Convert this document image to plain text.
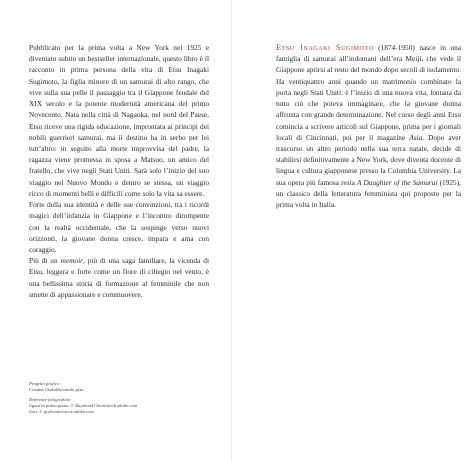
Pubblicato per la prima volta a New York nel 1925 e diventato subito un bestseller internazionale, questo libro è il racconto in prima persona della vita di Etsu Inagaki Sugimoto, la figlia minore di un samurai di alto rango, che vive sulla sua pelle il passaggio tra il Giappone feudale del XIX secolo e la potente modernità americana del primo Novecento. Nata nella città di Nagaoka, nel nord del Paese, Etsu riceve una rigida educazione, improntata ai principi dei nobili guerrieri samurai, ma il destino ha in serbo per lei tutt’altro: in seguito alla morte improvvisa del padre, la ragazza viene promessa in sposa a Matsuo, un amico del fratello, che vive negli Stati Uniti. Sarà solo l’inizio del suo viaggio nel Nuovo Mondo e dentro se stessa, un viaggio ricco di momenti belli e difficili come solo la vita sa essere.

Forte della sua identità e delle sue convinzioni, tra i ricordi magici dell’infanzia in Giappone e l’incontro dirompente con la realtà occidentale, che la sospinge verso nuovi orizzonti, la giovane donna cresce, impara e ama con coraggio.

Più di un memoir, più di una saga familiare, la vicenda di Etsu, leggera e forte come un fiore di ciliegio nel vento, è una bellissima storia di formazione al femminile che non smette di appassionare e commuovere.

Progetto grafico
Cristina Giubaldo/studio pym
Referenze fotografiche
figura in primo piano: © Raymond Orton/stock.adobe.com
fiori: © graficarto/stock.adobe.com

Etsu Inagaki Sugimoto (1874-1950) nasce in una famiglia di samurai all’indomani dell’era Meiji, che vede il Giappone aprirsi al resto del mondo dopo secoli di isolamento. Ha ventiquattro anni quando un matrimonio combinato la porta negli Stati Uniti: è l’inizio di una nuova vita, lontana da tutto ciò che poteva immaginare, che la giovane donna affronta con grande determinazione. Nel corso degli anni Etsu comincia a scrivere articoli sul Giappone, prima per i giornali locali di Cincinnati, poi per il magazine Asia. Dopo aver trascorso un altro periodo nella sua terra natale, decide di stabilirsi definitivamente a New York, dove diventa docente di lingua e cultura giapponese presso la Columbia University. La sua opera più famosa resta A Daughter of the Samurai (1925), un classico della letteratura femminista qui proposto per la prima volta in Italia.
